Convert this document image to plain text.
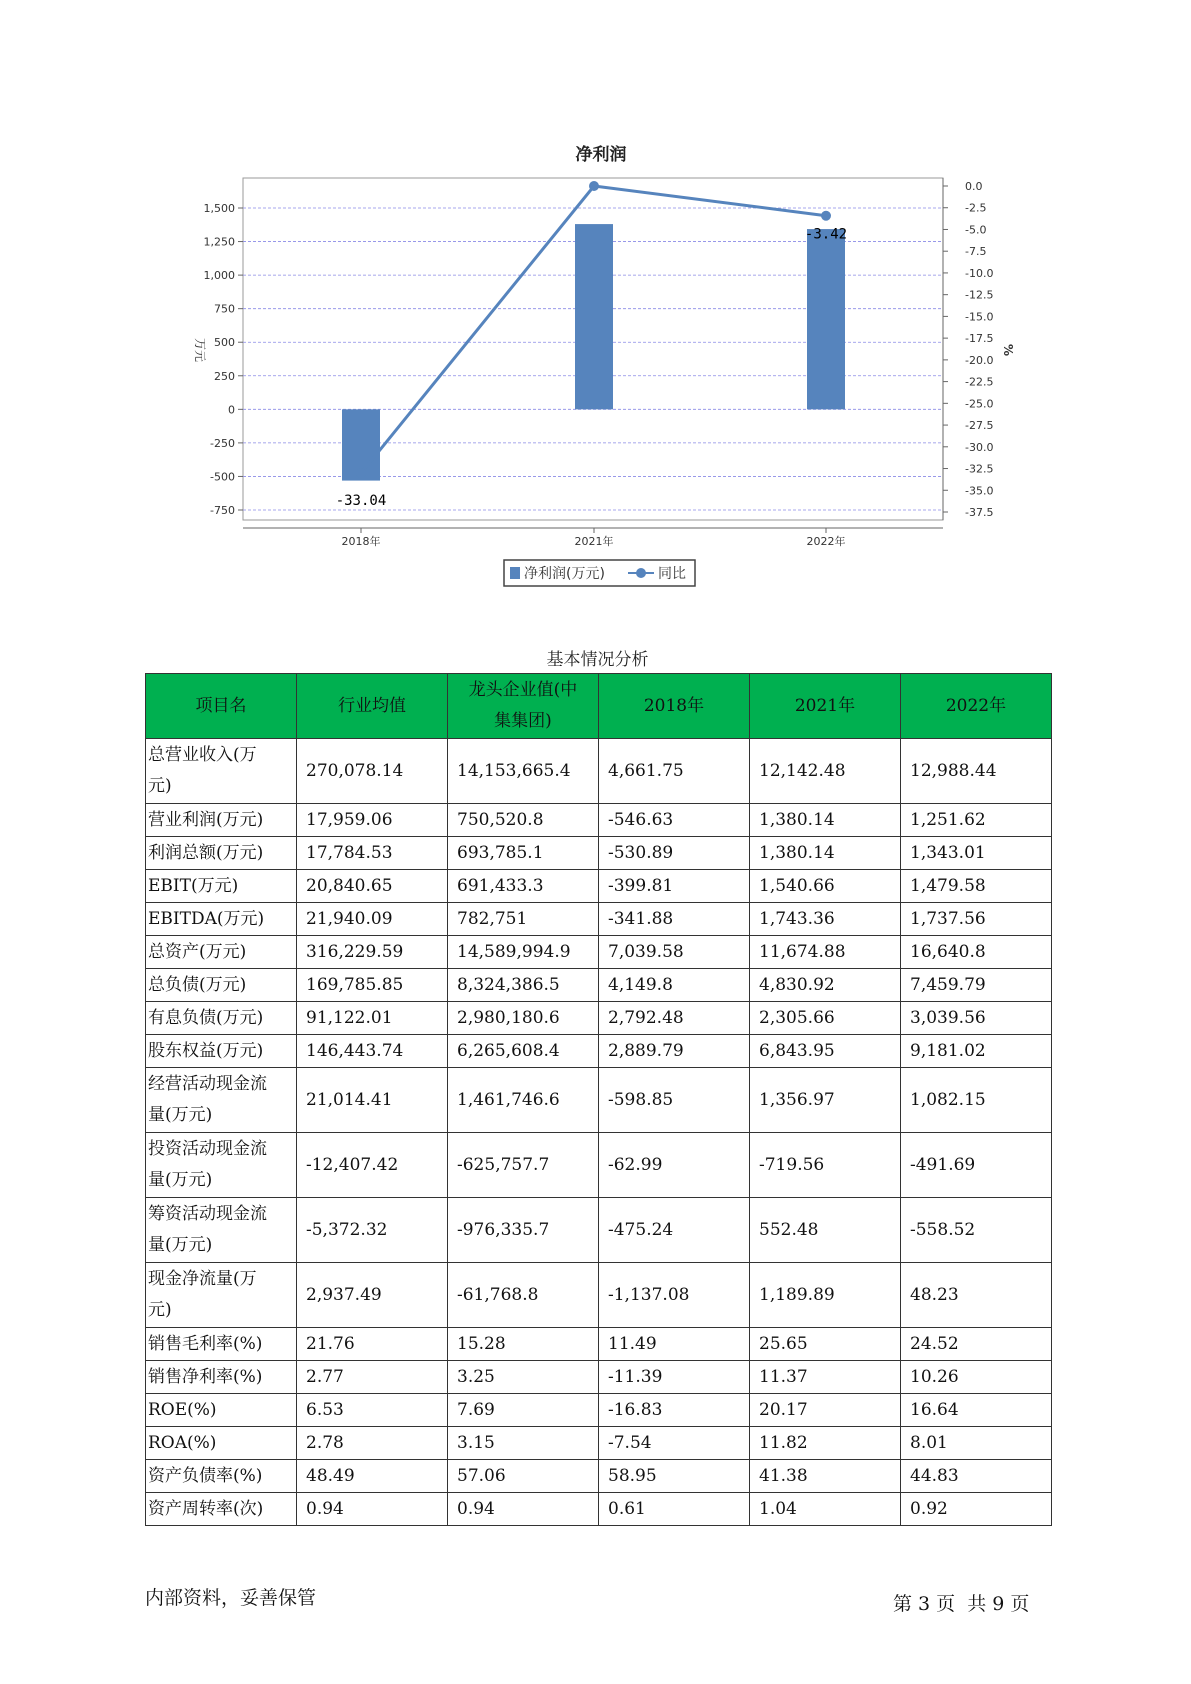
净利润
1,500
1,250
1,000
750
500
250
0
-250
-500
-750
0.0
-2.5
-5.0
-7.5
-10.0
-12.5
-15.0
-17.5
-20.0
-22.5
-25.0
-27.5
-30.0
-32.5
-35.0
-37.5
万元	%
2018年	2021年	2022年
-33.04
-3.42
净利润(万元)	同比
基本情况分析
项目名	行业均值	龙头企业值(中
集集团)	2018年	2021年	2022年

总营业收入(万
元)	270,078.14	14,153,665.4	4,661.75	12,142.48	12,988.44

营业利润(万元)	17,959.06	750,520.8	-546.63	1,380.14	1,251.62

利润总额(万元)	17,784.53	693,785.1	-530.89	1,380.14	1,343.01

EBIT(万元)	20,840.65	691,433.3	-399.81	1,540.66	1,479.58

EBITDA(万元)	21,940.09	782,751	-341.88	1,743.36	1,737.56

总资产(万元)	316,229.59	14,589,994.9	7,039.58	11,674.88	16,640.8

总负债(万元)	169,785.85	8,324,386.5	4,149.8	4,830.92	7,459.79

有息负债(万元)	91,122.01	2,980,180.6	2,792.48	2,305.66	3,039.56

股东权益(万元)	146,443.74	6,265,608.4	2,889.79	6,843.95	9,181.02

经营活动现金流
量(万元)	21,014.41	1,461,746.6	-598.85	1,356.97	1,082.15

投资活动现金流
量(万元)	-12,407.42	-625,757.7	-62.99	-719.56	-491.69

筹资活动现金流
量(万元)	-5,372.32	-976,335.7	-475.24	552.48	-558.52

现金净流量(万
元)	2,937.49	-61,768.8	-1,137.08	1,189.89	48.23

销售毛利率(%)	21.76	15.28	11.49	25.65	24.52

销售净利率(%)	2.77	3.25	-11.39	11.37	10.26

ROE(%)	6.53	7.69	-16.83	20.17	16.64

ROA(%)	2.78	3.15	-7.54	11.82	8.01

资产负债率(%)	48.49	57.06	58.95	41.38	44.83

资产周转率(次)	0.94	0.94	0.61	1.04	0.92
内部资料，妥善保管	第 3 页  共 9 页
